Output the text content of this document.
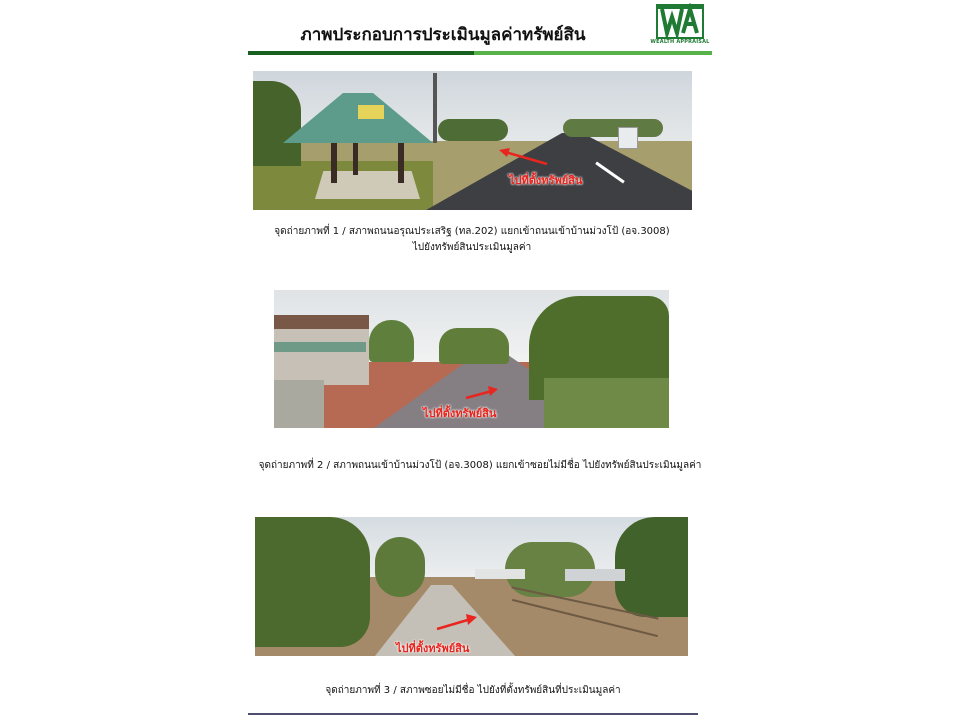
ภาพประกอบการประเมินมูลค่าทรัพย์สิน	WEALTH APPRAISAL
ไปที่ตั้งทรัพย์สิน
จุดถ่ายภาพที่ 1 / สภาพถนนอรุณประเสริฐ (ทล.202) แยกเข้าถนนเข้าบ้านม่วงโป้ (อจ.3008)
ไปยังทรัพย์สินประเมินมูลค่า
ไปที่ตั้งทรัพย์สิน
จุดถ่ายภาพที่ 2 / สภาพถนนเข้าบ้านม่วงโป้ (อจ.3008) แยกเข้าซอยไม่มีชื่อ ไปยังทรัพย์สินประเมินมูลค่า
ไปที่ตั้งทรัพย์สิน
จุดถ่ายภาพที่ 3 / สภาพซอยไม่มีชื่อ ไปยังที่ตั้งทรัพย์สินที่ประเมินมูลค่า
